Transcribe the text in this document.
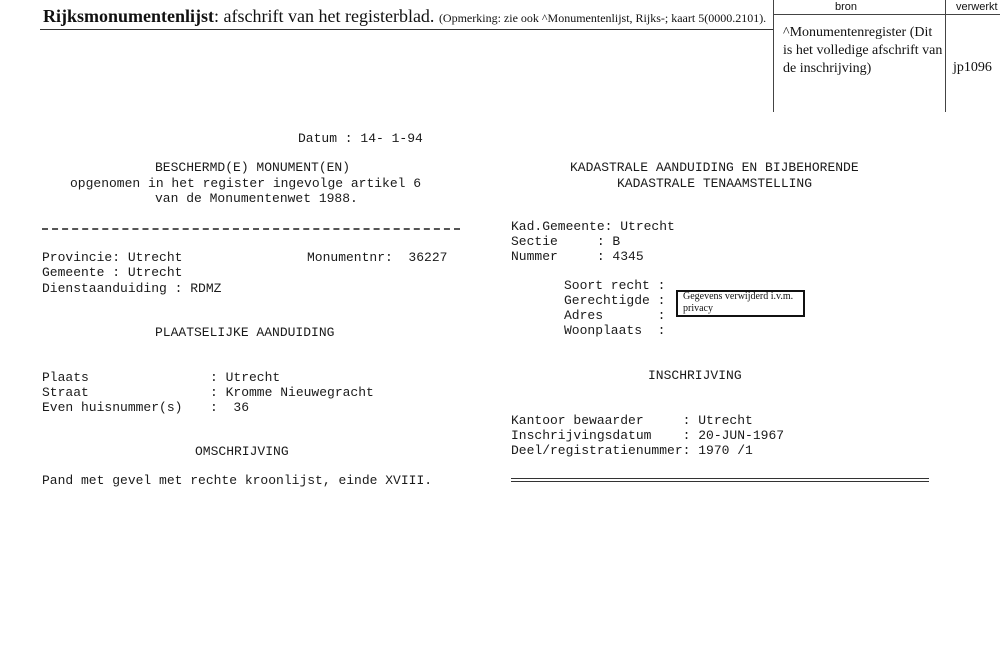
Rijksmonumentenlijst: afschrift van het registerblad. (Opmerking: zie ook ^Monumentenlijst, Rijks-; kaart 5(0000.2101).
bron	verwerkt
^Monumentenregister (Dit is het volledige afschrift van de inschrijving)	jp1096
Datum : 14- 1-94
BESCHERMD(E) MONUMENT(EN)
opgenomen in het register ingevolge artikel 6
van de Monumentenwet 1988.
Provincie: Utrecht	Monumentnr:  36227
Gemeente : Utrecht
Dienstaanduiding : RDMZ
PLAATSELIJKE AANDUIDING
Plaats	: Utrecht
Straat	: Kromme Nieuwegracht
Even huisnummer(s) :  36
OMSCHRIJVING
Pand met gevel met rechte kroonlijst, einde XVIII.
KADASTRALE AANDUIDING EN BIJBEHORENDE
KADASTRALE TENAAMSTELLING
Kad.Gemeente: Utrecht
Sectie     : B
Nummer     : 4345
Soort recht :
Gerechtigde :
Adres       :
Woonplaats  :
Gegevens verwijderd i.v.m. privacy
INSCHRIJVING
Kantoor bewaarder     : Utrecht
Inschrijvingsdatum    : 20-JUN-1967
Deel/registratienummer: 1970 /1
